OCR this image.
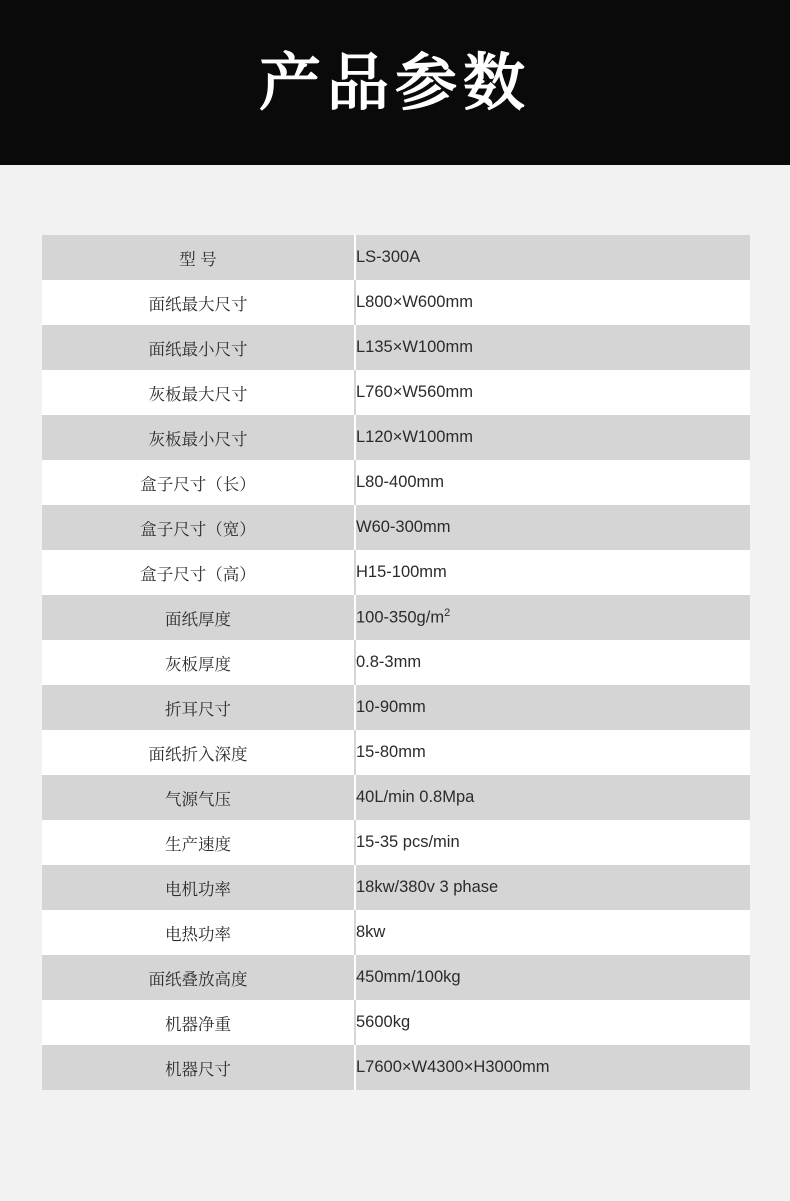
产品参数
型 号	LS-300A
面纸最大尺寸	L800×W600mm
面纸最小尺寸	L135×W100mm
灰板最大尺寸	L760×W560mm
灰板最小尺寸	L120×W100mm
盒子尺寸（长）	L80-400mm
盒子尺寸（宽）	W60-300mm
盒子尺寸（高）	H15-100mm
面纸厚度	$100-350g/m^2$
灰板厚度	0.8-3mm
折耳尺寸	10-90mm
面纸折入深度	15-80mm
气源气压	40L/min 0.8Mpa
生产速度	15-35 pcs/min
电机功率	18kw/380v 3 phase
电热功率	8kw
面纸叠放高度	450mm/100kg
机器净重	5600kg
机器尺寸	L7600×W4300×H3000mm
